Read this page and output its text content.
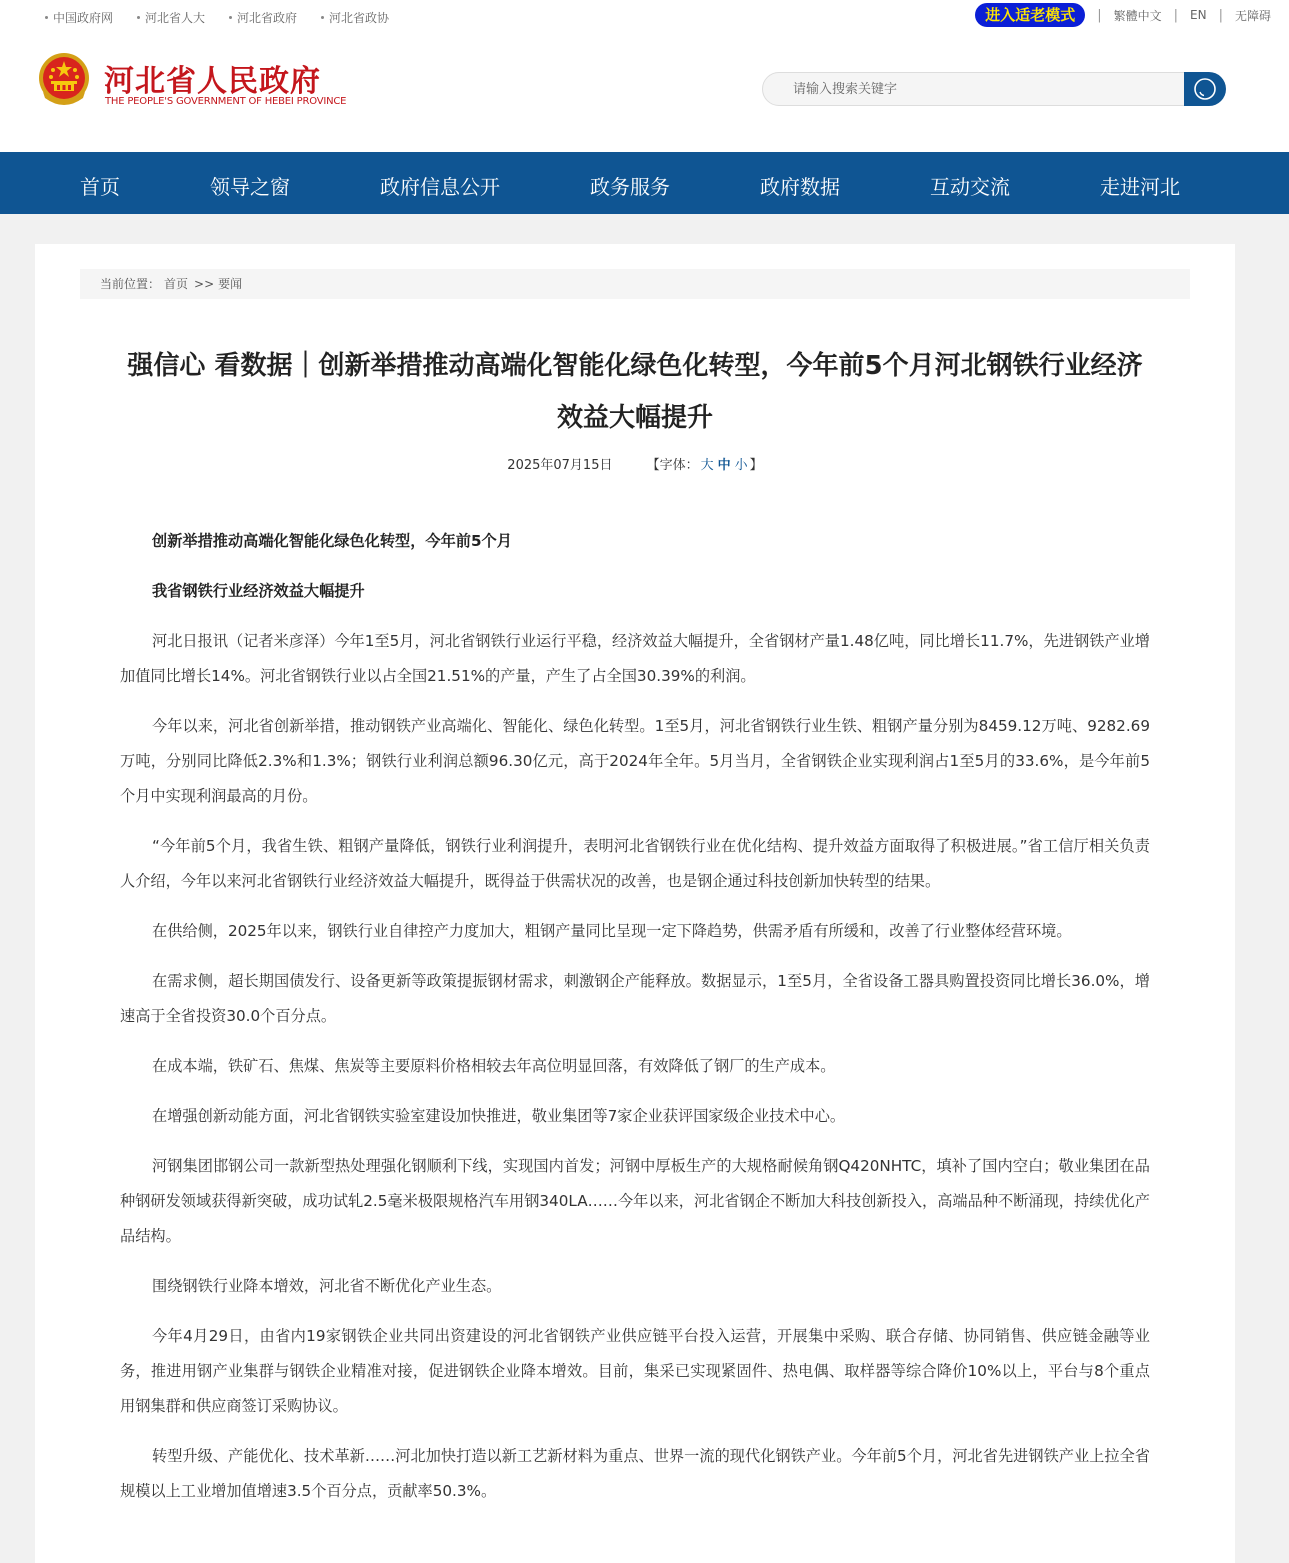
中国政府网	河北省人大	河北省政府	河北省政协	进入适老模式	| 繁體中文 | EN | 无障碍
河北省人民政府
THE PEOPLE'S GOVERNMENT OF HEBEI PROVINCE
请输入搜索关键字
首页	领导之窗	政府信息公开	政务服务	政府数据	互动交流	走进河北
当前位置： 首页 >> 要闻
强信心 看数据｜创新举措推动高端化智能化绿色化转型，今年前5个月河北钢铁行业经济效益大幅提升
2025年07月15日	【字体： 大 中 小 】

创新举措推动高端化智能化绿色化转型，今年前5个月

我省钢铁行业经济效益大幅提升

河北日报讯（记者米彦泽）今年1至5月，河北省钢铁行业运行平稳，经济效益大幅提升，全省钢材产量1.48亿吨，同比增长11.7%，先进钢铁产业增加值同比增长14%。河北省钢铁行业以占全国21.51%的产量，产生了占全国30.39%的利润。

今年以来，河北省创新举措，推动钢铁产业高端化、智能化、绿色化转型。1至5月，河北省钢铁行业生铁、粗钢产量分别为8459.12万吨、9282.69万吨，分别同比降低2.3%和1.3%；钢铁行业利润总额96.30亿元，高于2024年全年。5月当月，全省钢铁企业实现利润占1至5月的33.6%，是今年前5个月中实现利润最高的月份。

“今年前5个月，我省生铁、粗钢产量降低，钢铁行业利润提升，表明河北省钢铁行业在优化结构、提升效益方面取得了积极进展。”省工信厅相关负责人介绍，今年以来河北省钢铁行业经济效益大幅提升，既得益于供需状况的改善，也是钢企通过科技创新加快转型的结果。

在供给侧，2025年以来，钢铁行业自律控产力度加大，粗钢产量同比呈现一定下降趋势，供需矛盾有所缓和，改善了行业整体经营环境。

在需求侧，超长期国债发行、设备更新等政策提振钢材需求，刺激钢企产能释放。数据显示，1至5月，全省设备工器具购置投资同比增长36.0%，增速高于全省投资30.0个百分点。

在成本端，铁矿石、焦煤、焦炭等主要原料价格相较去年高位明显回落，有效降低了钢厂的生产成本。

在增强创新动能方面，河北省钢铁实验室建设加快推进，敬业集团等7家企业获评国家级企业技术中心。

河钢集团邯钢公司一款新型热处理强化钢顺利下线，实现国内首发；河钢中厚板生产的大规格耐候角钢Q420NHTC，填补了国内空白；敬业集团在品种钢研发领域获得新突破，成功试轧2.5毫米极限规格汽车用钢340LA……今年以来，河北省钢企不断加大科技创新投入，高端品种不断涌现，持续优化产品结构。

围绕钢铁行业降本增效，河北省不断优化产业生态。

今年4月29日，由省内19家钢铁企业共同出资建设的河北省钢铁产业供应链平台投入运营，开展集中采购、联合存储、协同销售、供应链金融等业务，推进用钢产业集群与钢铁企业精准对接，促进钢铁企业降本增效。目前，集采已实现紧固件、热电偶、取样器等综合降价10%以上，平台与8个重点用钢集群和供应商签订采购协议。

转型升级、产能优化、技术革新……河北加快打造以新工艺新材料为重点、世界一流的现代化钢铁产业。今年前5个月，河北省先进钢铁产业上拉全省规模以上工业增加值增速3.5个百分点，贡献率50.3%。
